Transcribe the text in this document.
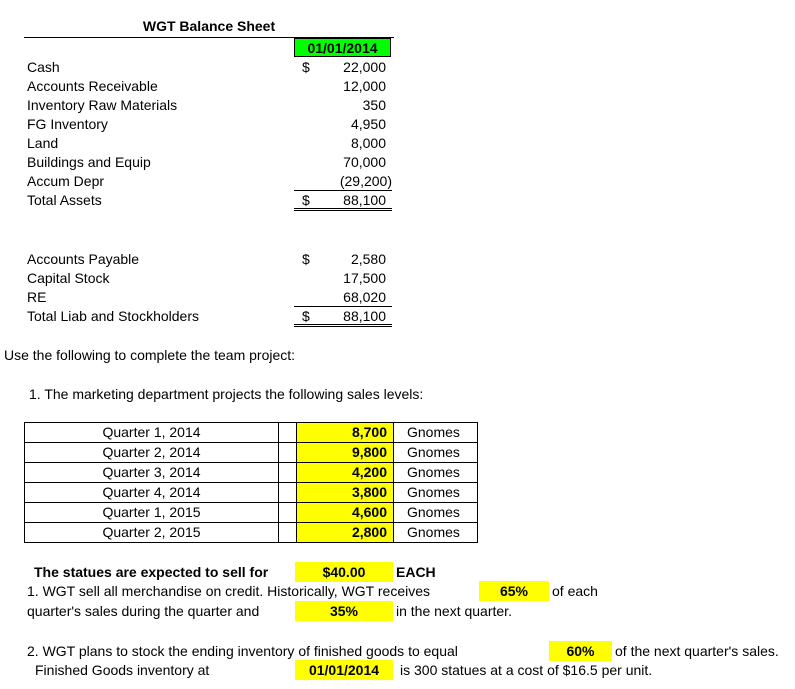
WGT Balance Sheet
01/01/2014
Cash	$	22,000
Accounts Receivable	12,000
Inventory Raw Materials	350
FG Inventory	4,950
Land	8,000
Buildings and Equip	70,000
Accum Depr	(29,200)
Total Assets	$	88,100
Accounts Payable	$	2,580
Capital Stock	17,500
RE	68,020
Total Liab and Stockholders	$	88,100
Use the following to complete the team project:
1. The marketing department projects the following sales levels:
Quarter 1, 2014		8,700	Gnomes
Quarter 2, 2014		9,800	Gnomes
Quarter 3, 2014		4,200	Gnomes
Quarter 4, 2014		3,800	Gnomes
Quarter 1, 2015		4,600	Gnomes
Quarter 2, 2015		2,800	Gnomes
The statues are expected to sell for	$40.00	EACH
1. WGT sell all merchandise on credit. Historically, WGT receives	65%	of each
quarter's sales during the quarter and	35%	in the next quarter.
2. WGT plans to stock the ending inventory of finished goods to equal	60%	of the next quarter's sales.
Finished Goods inventory at	01/01/2014	is 300 statues at a cost of $16.5 per unit.
